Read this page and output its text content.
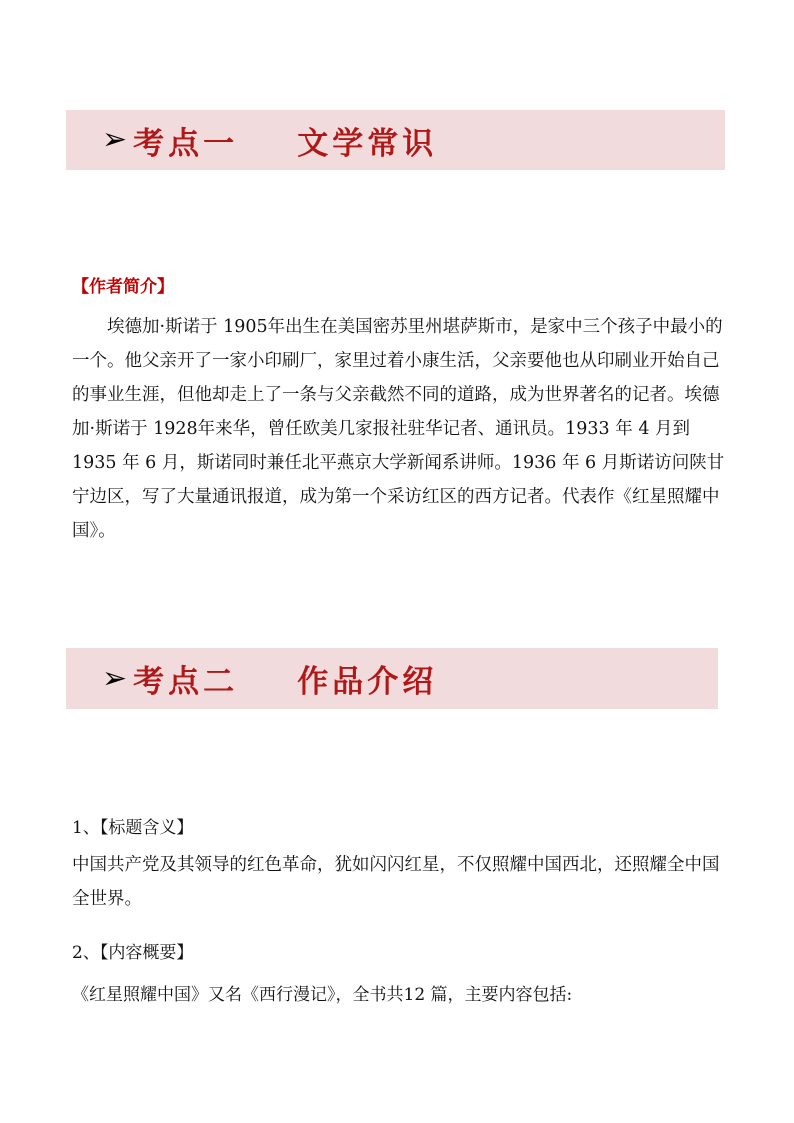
➢ 考点一    文学常识
【作者简介】
埃德加·斯诺于 1905年出生在美国密苏里州堪萨斯市，是家中三个孩子中最小的一个。他父亲开了一家小印刷厂，家里过着小康生活，父亲要他也从印刷业开始自己的事业生涯，但他却走上了一条与父亲截然不同的道路，成为世界著名的记者。埃德加·斯诺于 1928年来华，曾任欧美几家报社驻华记者、通讯员。1933 年 4 月到 1935 年 6 月，斯诺同时兼任北平燕京大学新闻系讲师。1936 年 6 月斯诺访问陕甘宁边区，写了大量通讯报道，成为第一个采访红区的西方记者。代表作《红星照耀中国》。
➢ 考点二    作品介绍
1、【标题含义】
中国共产党及其领导的红色革命，犹如闪闪红星，不仅照耀中国西北，还照耀全中国全世界。
2、【内容概要】
《红星照耀中国》又名《西行漫记》，全书共12 篇，主要内容包括:
